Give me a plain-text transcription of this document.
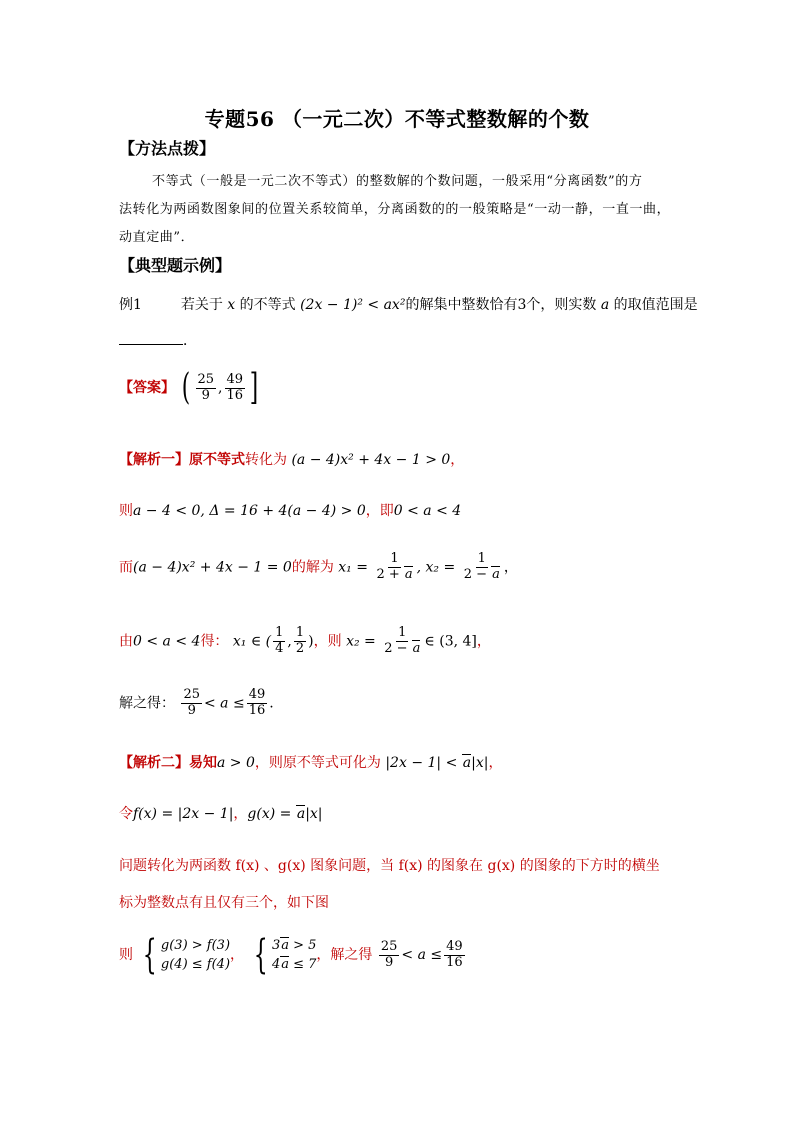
专题56 （一元二次）不等式整数解的个数
【方法点拨】
不等式（一般是一元二次不等式）的整数解的个数问题，一般采用“分离函数”的方
法转化为两函数图象间的位置关系较简单，分离函数的的一般策略是“一动一静，一直一曲，
动直定曲”．
【典型题示例】
例1	若关于 x 的不等式 (2x − 1)² < ax²的解集中整数恰有3个，则实数 a 的取值范围是
．
【答案】 ( $\frac{25}{9}$ , $\frac{49}{16}$ ]
【解析一】原不等式转化为 (a − 4)x² + 4x − 1 > 0，
则a − 4 < 0, Δ = 16 + 4(a − 4) > 0，即0 < a < 4
而(a − 4)x² + 4x − 1 = 0的解为 $x_1 = \frac{1}{2 + a}$ , $x_2 = \frac{1}{2 - a}$ ，
由0 < a < 4得： x₁ ∈ ( $\frac{1}{4}$ , $\frac{1}{2}$ )，则 $x_2 = \frac{1}{2 - a}$ ∈ (3, 4]，
解之得： $\frac{25}{9} < a \le \frac{49}{16}$ .
【解析二】易知a > 0，则原不等式可化为 |2x − 1| < a|x|，
令f(x) = |2x − 1|，g(x) = a|x|
问题转化为两函数 f(x) 、g(x) 图象问题，当 f(x) 的图象在 g(x) 的图象的下方时的横坐
标为整数点有且仅有三个，如下图
则 { g(3) > f(3)
g(4) ≤ f(4)
， { 3a > 5
4a ≤ 7
，解之得 $\frac{25}{9} < a \le \frac{49}{16}$
